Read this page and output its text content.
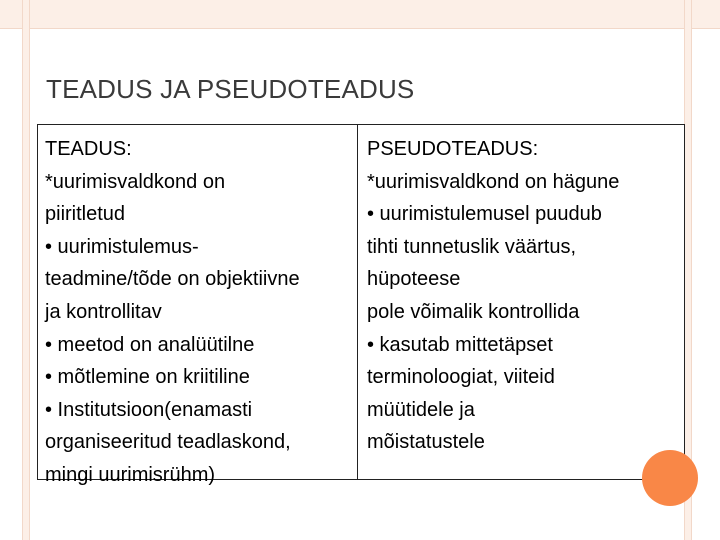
TEADUS JA PSEUDOTEADUS

TEADUS:

*uurimisvaldkond on
piiritletud

• uurimistulemus-
teadmine/tõde on objektiivne
ja kontrollitav

• meetod on analüütilne

• mõtlemine on kriitiline

• Institutsioon(enamasti
organiseeritud teadlaskond,
mingi uurimisrühm)

PSEUDOTEADUS:

*uurimisvaldkond on hägune

• uurimistulemusel puudub
tihti tunnetuslik väärtus,
hüpoteese

pole võimalik kontrollida

• kasutab mittetäpset
terminoloogiat, viiteid
müütidele ja
mõistatustele
